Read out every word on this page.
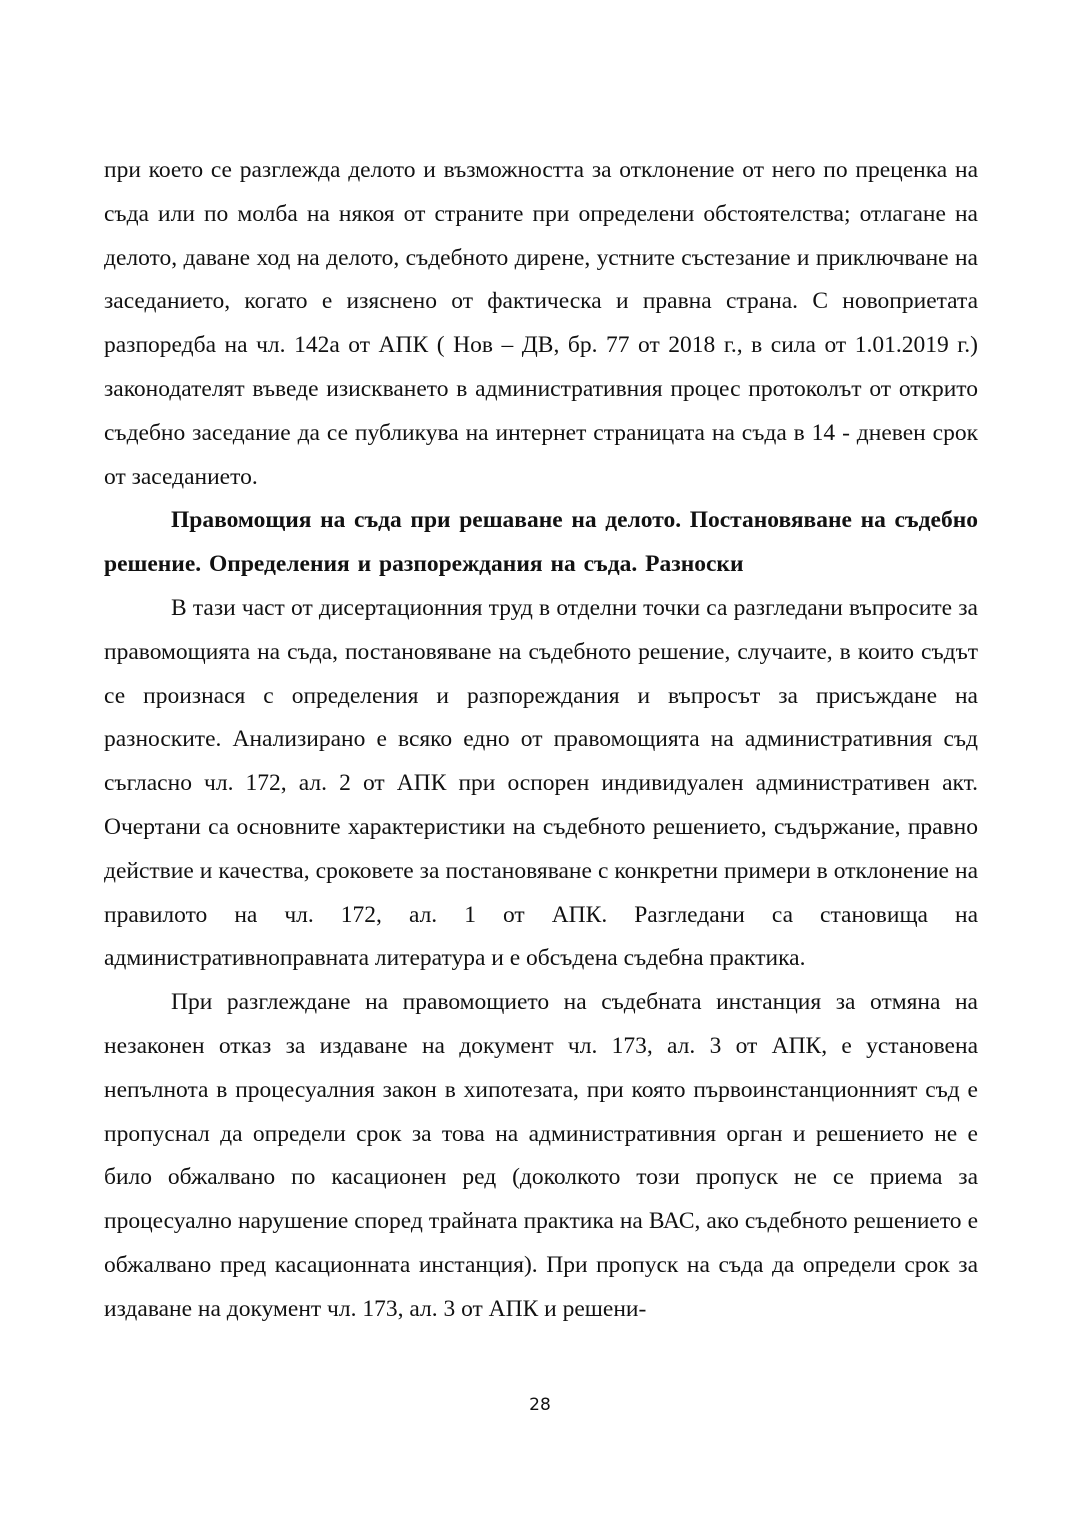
при което се разглежда делото и възможността за отклонение от него по преценка на съда или по молба на някоя от страните при определени обстоятелства; отлагане на делото, даване ход на делото, съдебното дирене, устните състезание и приключване на заседанието, когато е изяснено от фактическа и правна страна. С новоприетата разпоредба на чл. 142а от АПК ( Нов – ДВ, бр. 77 от 2018 г., в сила от 1.01.2019 г.) законодателят въведе изискването в административния процес протоколът от открито съдебно заседание да се публикува на интернет страницата на съда в 14 - дневен срок от заседанието.

Правомощия на съда при решаване на делото. Постановяване на съдебно решение. Определения и разпореждания на съда. Разноски

В тази част от дисертационния труд в отделни точки са разгледани въпросите за правомощията на съда, постановяване на съдебното решение, случаите, в които съдът се произнася с определения и разпореждания и въпросът за присъждане на разноските. Анализирано е всяко едно от правомощията на административния съд съгласно чл. 172, ал. 2 от АПК при оспорен индивидуален административен акт. Очертани са основните характеристики на съдебното решението, съдържание, правно действие и качества, сроковете за постановяване с конкретни примери в отклонение на правилото на чл. 172, ал. 1 от АПК. Разгледани са становища на административноправната литература и е обсъдена съдебна практика.

При разглеждане на правомощието на съдебната инстанция за отмяна на незаконен отказ за издаване на документ чл. 173, ал. 3 от АПК, е установена непълнота в процесуалния закон в хипотезата, при която първоинстанционният съд е пропуснал да определи срок за това на административния орган и решението не е било обжалвано по касационен ред (доколкото този пропуск не се приема за процесуално нарушение според трайната практика на ВАС, ако съдебното решението е обжалвано пред касационната инстанция). При пропуск на съда да определи срок за издаване на документ чл. 173, ал. 3 от АПК и решени-

28
